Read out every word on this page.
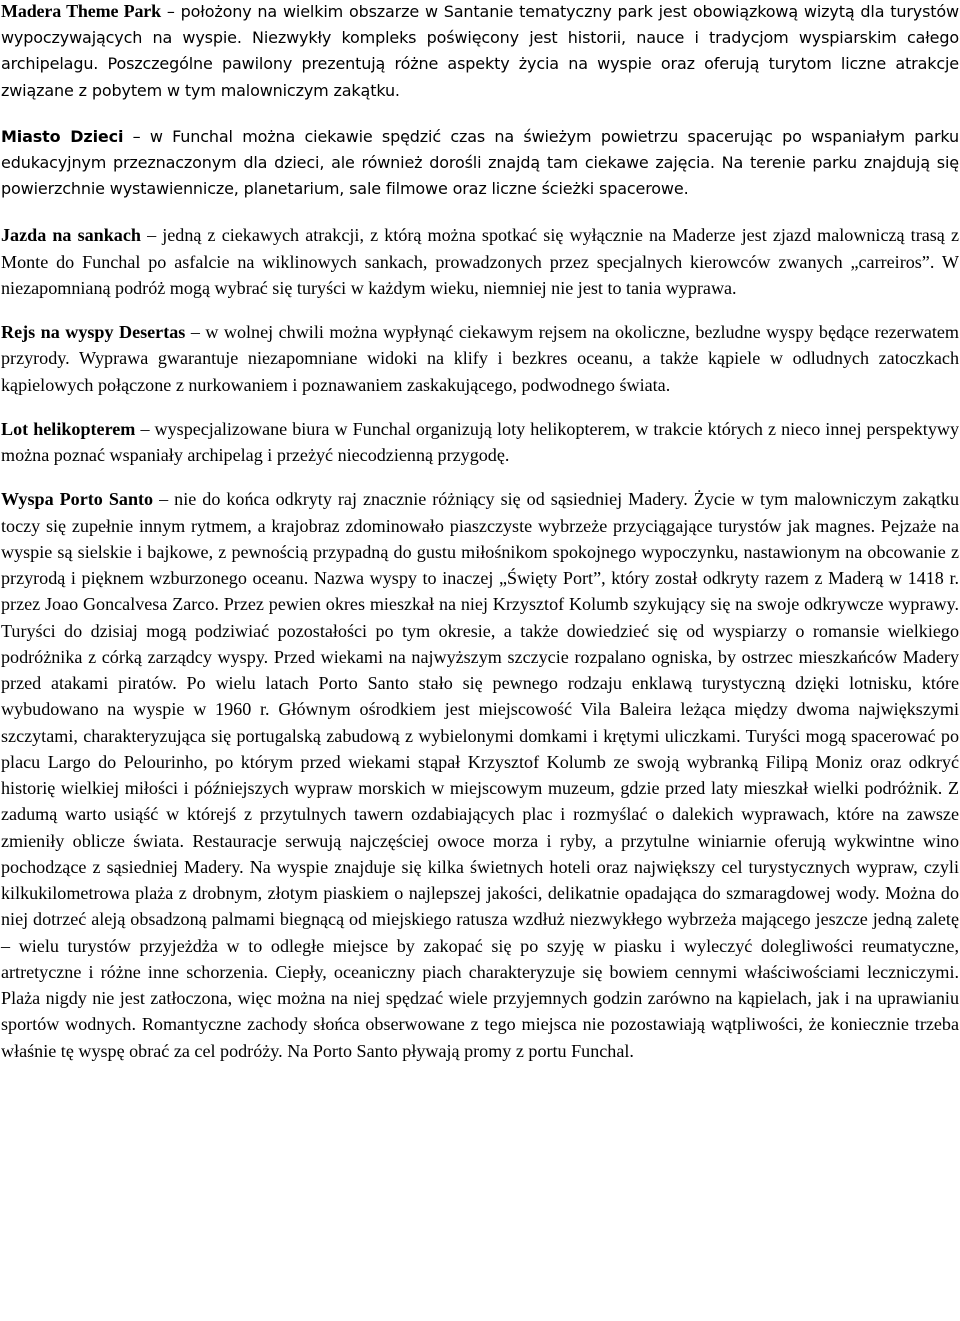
Madera Theme Park – położony na wielkim obszarze w Santanie tematyczny park jest obowiązkową wizytą dla turystów wypoczywających na wyspie. Niezwykły kompleks poświęcony jest historii, nauce i tradycjom wyspiarskim całego archipelagu. Poszczególne pawilony prezentują różne aspekty życia na wyspie oraz oferują turytom liczne atrakcje związane z pobytem w tym malowniczym zakątku.

Miasto Dzieci – w Funchal można ciekawie spędzić czas na świeżym powietrzu spacerując po wspaniałym parku edukacyjnym przeznaczonym dla dzieci, ale również dorośli znajdą tam ciekawe zajęcia. Na terenie parku znajdują się powierzchnie wystawiennicze, planetarium, sale filmowe oraz liczne ścieżki spacerowe.

Jazda na sankach – jedną z ciekawych atrakcji, z którą można spotkać się wyłącznie na Maderze jest zjazd malowniczą trasą z Monte do Funchal po asfalcie na wiklinowych sankach, prowadzonych przez specjalnych kierowców zwanych „carreiros”. W niezapomnianą podróż mogą wybrać się turyści w każdym wieku, niemniej nie jest to tania wyprawa.

Rejs na wyspy Desertas – w wolnej chwili można wypłynąć ciekawym rejsem na okoliczne, bezludne wyspy będące rezerwatem przyrody. Wyprawa gwarantuje niezapomniane widoki na klify i bezkres oceanu, a także kąpiele w odludnych zatoczkach kąpielowych połączone z nurkowaniem i poznawaniem zaskakującego, podwodnego świata.

Lot helikopterem – wyspecjalizowane biura w Funchal organizują loty helikopterem, w trakcie których z nieco innej perspektywy można poznać wspaniały archipelag i przeżyć niecodzienną przygodę.

Wyspa Porto Santo – nie do końca odkryty raj znacznie różniący się od sąsiedniej Madery. Życie w tym malowniczym zakątku toczy się zupełnie innym rytmem, a krajobraz zdominowało piaszczyste wybrzeże przyciągające turystów jak magnes. Pejzaże na wyspie są sielskie i bajkowe, z pewnością przypadną do gustu miłośnikom spokojnego wypoczynku, nastawionym na obcowanie z przyrodą i pięknem wzburzonego oceanu. Nazwa wyspy to inaczej „Święty Port”, który został odkryty razem z Maderą w 1418 r. przez Joao Goncalvesa Zarco. Przez pewien okres mieszkał na niej Krzysztof Kolumb szykujący się na swoje odkrywcze wyprawy. Turyści do dzisiaj mogą podziwiać pozostałości po tym okresie, a także dowiedzieć się od wyspiarzy o romansie wielkiego podróżnika z córką zarządcy wyspy. Przed wiekami na najwyższym szczycie rozpalano ogniska, by ostrzec mieszkańców Madery przed atakami piratów. Po wielu latach Porto Santo stało się pewnego rodzaju enklawą turystyczną dzięki lotnisku, które wybudowano na wyspie w 1960 r. Głównym ośrodkiem jest miejscowość Vila Baleira leżąca między dwoma największymi szczytami, charakteryzująca się portugalską zabudową z wybielonymi domkami i krętymi uliczkami. Turyści mogą spacerować po placu Largo do Pelourinho, po którym przed wiekami stąpał Krzysztof Kolumb ze swoją wybranką Filipą Moniz oraz odkryć historię wielkiej miłości i późniejszych wypraw morskich w miejscowym muzeum, gdzie przed laty mieszkał wielki podróżnik. Z zadumą warto usiąść w którejś z przytulnych tawern ozdabiających plac i rozmyślać o dalekich wyprawach, które na zawsze zmieniły oblicze świata. Restauracje serwują najczęściej owoce morza i ryby, a przytulne winiarnie oferują wykwintne wino pochodzące z sąsiedniej Madery. Na wyspie znajduje się kilka świetnych hoteli oraz największy cel turystycznych wypraw, czyli kilkukilometrowa plaża z drobnym, złotym piaskiem o najlepszej jakości, delikatnie opadająca do szmaragdowej wody. Można do niej dotrzeć aleją obsadzoną palmami biegnącą od miejskiego ratusza wzdłuż niezwykłego wybrzeża mającego jeszcze jedną zaletę – wielu turystów przyjeżdża w to odległe miejsce by zakopać się po szyję w piasku i wyleczyć dolegliwości reumatyczne, artretyczne i różne inne schorzenia. Ciepły, oceaniczny piach charakteryzuje się bowiem cennymi właściwościami leczniczymi. Plaża nigdy nie jest zatłoczona, więc można na niej spędzać wiele przyjemnych godzin zarówno na kąpielach, jak i na uprawianiu sportów wodnych. Romantyczne zachody słońca obserwowane z tego miejsca nie pozostawiają wątpliwości, że koniecznie trzeba właśnie tę wyspę obrać za cel podróży. Na Porto Santo pływają promy z portu Funchal.
